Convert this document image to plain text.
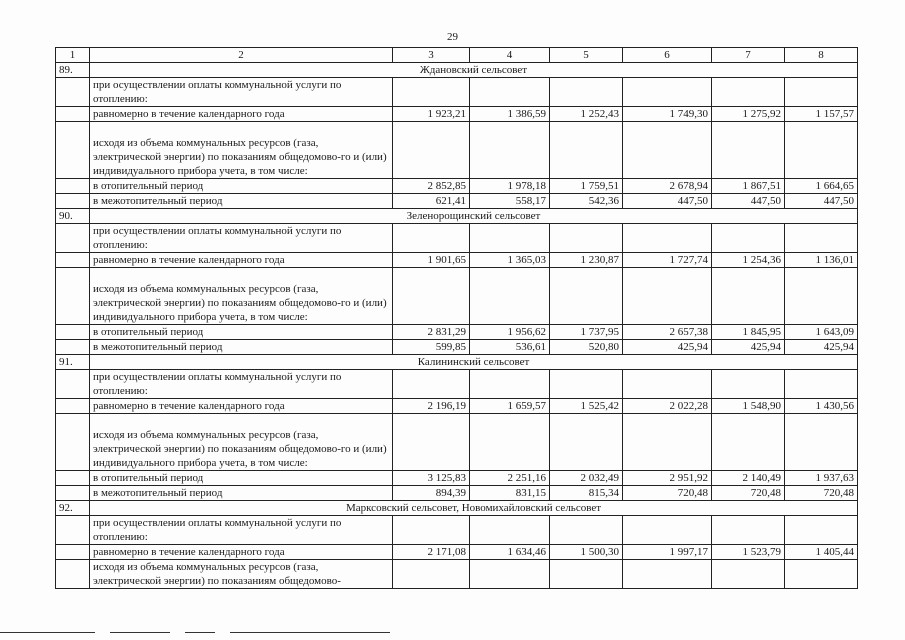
29
1	2	3	4	5	6	7	8
89.	Ждановский сельсовет						
	при осуществлении оплаты коммунальной услуги по отоплению:						
	равномерно в течение календарного года	1 923,21	1 386,59	1 252,43	1 749,30	1 275,92	1 157,57
	исходя из объема коммунальных ресурсов (газа, электрической энергии) по показаниям общедомово-го и (или) индивидуального прибора учета, в том числе:						
	в отопительный период	2 852,85	1 978,18	1 759,51	2 678,94	1 867,51	1 664,65
	в межотопительный период	621,41	558,17	542,36	447,50	447,50	447,50
90.	Зеленорощинский сельсовет						
	при осуществлении оплаты коммунальной услуги по отоплению:						
	равномерно в течение календарного года	1 901,65	1 365,03	1 230,87	1 727,74	1 254,36	1 136,01
	исходя из объема коммунальных ресурсов (газа, электрической энергии) по показаниям общедомово-го и (или) индивидуального прибора учета, в том числе:						
	в отопительный период	2 831,29	1 956,62	1 737,95	2 657,38	1 845,95	1 643,09
	в межотопительный период	599,85	536,61	520,80	425,94	425,94	425,94
91.	Калининский сельсовет						
	при осуществлении оплаты коммунальной услуги по отоплению:						
	равномерно в течение календарного года	2 196,19	1 659,57	1 525,42	2 022,28	1 548,90	1 430,56
	исходя из объема коммунальных ресурсов (газа, электрической энергии) по показаниям общедомово-го и (или) индивидуального прибора учета, в том числе:						
	в отопительный период	3 125,83	2 251,16	2 032,49	2 951,92	2 140,49	1 937,63
	в межотопительный период	894,39	831,15	815,34	720,48	720,48	720,48
92.	Марксовский сельсовет, Новомихайловский сельсовет						
	при осуществлении оплаты коммунальной услуги по отоплению:						
	равномерно в течение календарного года	2 171,08	1 634,46	1 500,30	1 997,17	1 523,79	1 405,44
	исходя из объема коммунальных ресурсов (газа, электрической энергии) по показаниям общедомово-						
